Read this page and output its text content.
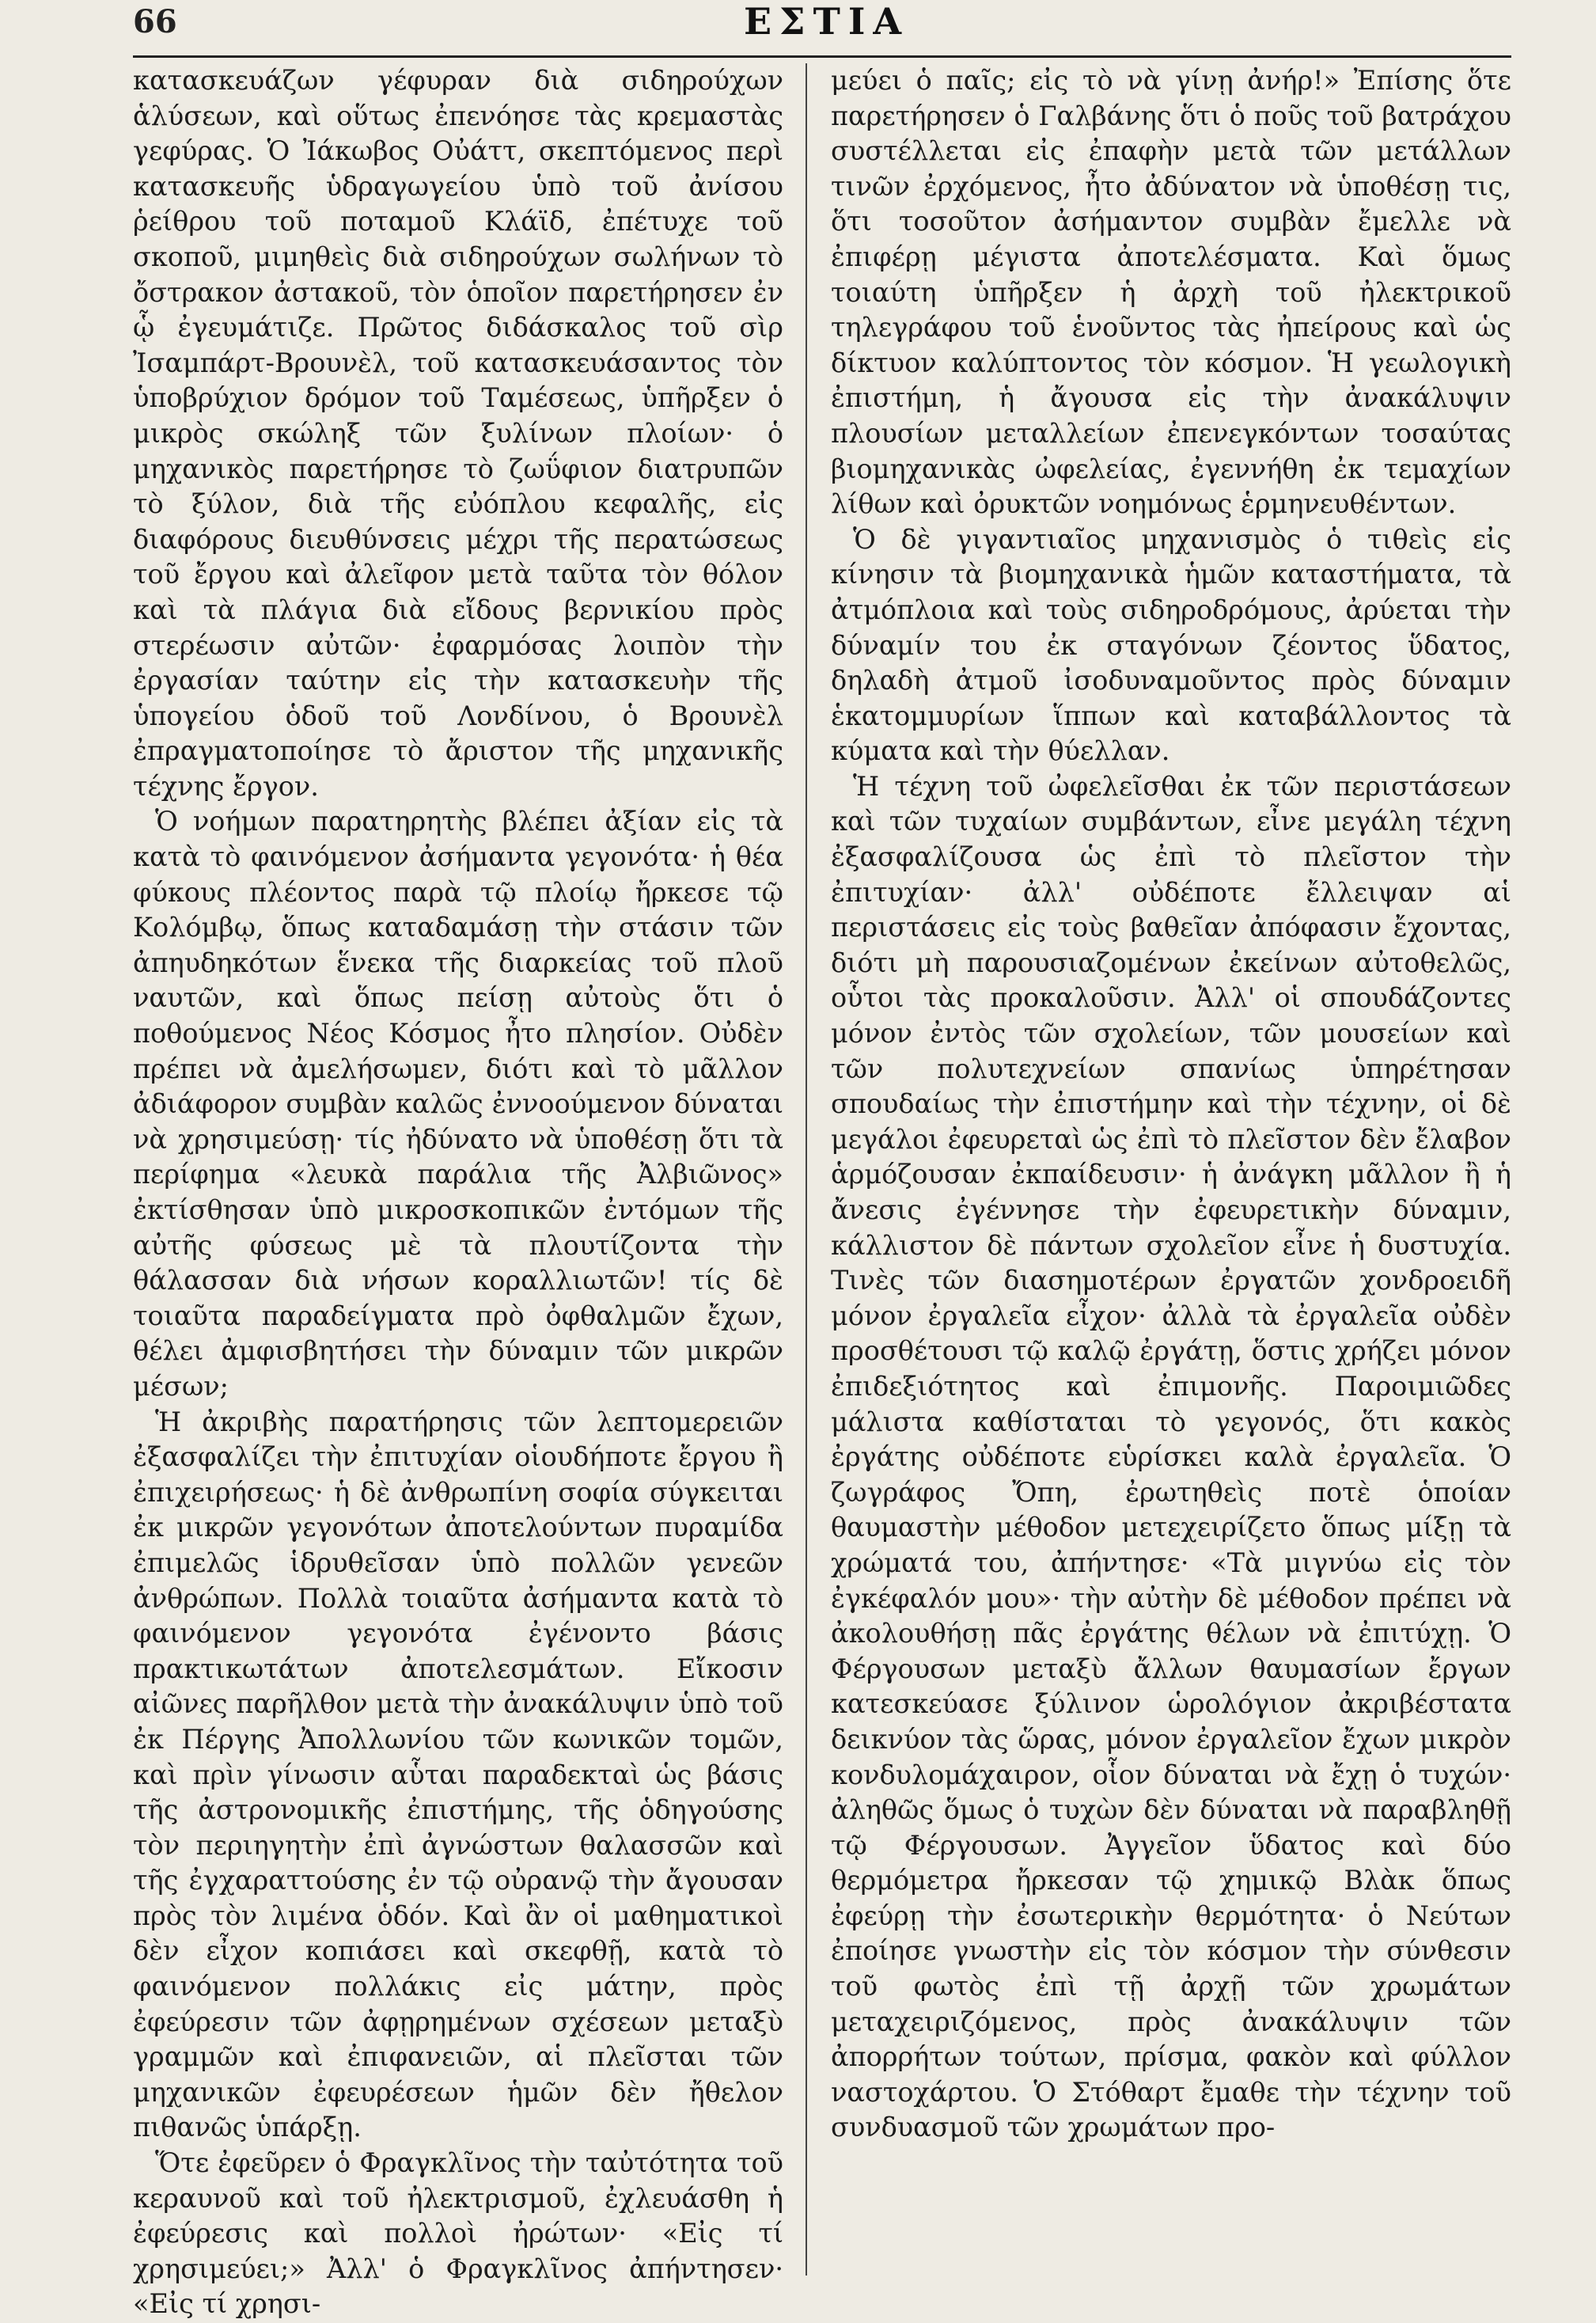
66	ΕΣΤΙΑ

κατασκευάζων γέφυραν διὰ σιδηρούχων ἁλύσεων, καὶ οὕτως ἐπενόησε τὰς κρεμαστὰς γεφύρας. Ὁ Ἰάκωβος Οὐάττ, σκεπτόμενος περὶ κατασκευῆς ὑδραγωγείου ὑπὸ τοῦ ἀνίσου ῥείθρου τοῦ ποταμοῦ Κλάϊδ, ἐπέτυχε τοῦ σκοποῦ, μιμηθεὶς διὰ σιδηρούχων σωλήνων τὸ ὄστρακον ἀστακοῦ, τὸν ὁποῖον παρετήρησεν ἐν ᾧ ἐγευμάτιζε. Πρῶτος διδάσκαλος τοῦ σὶρ Ἰσαμπάρτ-Βρουνὲλ, τοῦ κατασκευάσαντος τὸν ὑποβρύχιον δρόμον τοῦ Ταμέσεως, ὑπῆρξεν ὁ μικρὸς σκώληξ τῶν ξυλίνων πλοίων· ὁ μηχανικὸς παρετήρησε τὸ ζωΰφιον διατρυπῶν τὸ ξύλον, διὰ τῆς εὐόπλου κεφαλῆς, εἰς διαφόρους διευθύνσεις μέχρι τῆς περατώσεως τοῦ ἔργου καὶ ἀλεῖφον μετὰ ταῦτα τὸν θόλον καὶ τὰ πλάγια διὰ εἴδους βερνικίου πρὸς στερέωσιν αὐτῶν· ἐφαρμόσας λοιπὸν τὴν ἐργασίαν ταύτην εἰς τὴν κατασκευὴν τῆς ὑπογείου ὁδοῦ τοῦ Λονδίνου, ὁ Βρουνὲλ ἐπραγματοποίησε τὸ ἄριστον τῆς μηχανικῆς τέχνης ἔργον.

Ὁ νοήμων παρατηρητὴς βλέπει ἀξίαν εἰς τὰ κατὰ τὸ φαινόμενον ἀσήμαντα γεγονότα· ἡ θέα φύκους πλέοντος παρὰ τῷ πλοίῳ ἤρκεσε τῷ Κολόμβῳ, ὅπως καταδαμάσῃ τὴν στάσιν τῶν ἀπηυδηκότων ἕνεκα τῆς διαρκείας τοῦ πλοῦ ναυτῶν, καὶ ὅπως πείσῃ αὐτοὺς ὅτι ὁ ποθούμενος Νέος Κόσμος ἦτο πλησίον. Οὐδὲν πρέπει νὰ ἀμελήσωμεν, διότι καὶ τὸ μᾶλλον ἀδιάφορον συμβὰν καλῶς ἐννοούμενον δύναται νὰ χρησιμεύσῃ· τίς ἠδύνατο νὰ ὑποθέσῃ ὅτι τὰ περίφημα «λευκὰ παράλια τῆς Ἀλβιῶνος» ἐκτίσθησαν ὑπὸ μικροσκοπικῶν ἐντόμων τῆς αὐτῆς φύσεως μὲ τὰ πλουτίζοντα τὴν θάλασσαν διὰ νήσων κοραλλιωτῶν! τίς δὲ τοιαῦτα παραδείγματα πρὸ ὀφθαλμῶν ἔχων, θέλει ἀμφισβητήσει τὴν δύναμιν τῶν μικρῶν μέσων;

Ἡ ἀκριβὴς παρατήρησις τῶν λεπτομερειῶν ἐξασφαλίζει τὴν ἐπιτυχίαν οἱουδήποτε ἔργου ἢ ἐπιχειρήσεως· ἡ δὲ ἀνθρωπίνη σοφία σύγκειται ἐκ μικρῶν γεγονότων ἀποτελούντων πυραμίδα ἐπιμελῶς ἱδρυθεῖσαν ὑπὸ πολλῶν γενεῶν ἀνθρώπων. Πολλὰ τοιαῦτα ἀσήμαντα κατὰ τὸ φαινόμενον γεγονότα ἐγένοντο βάσις πρακτικωτάτων ἀποτελεσμάτων. Εἴκοσιν αἰῶνες παρῆλθον μετὰ τὴν ἀνακάλυψιν ὑπὸ τοῦ ἐκ Πέργης Ἀπολλωνίου τῶν κωνικῶν τομῶν, καὶ πρὶν γίνωσιν αὗται παραδεκταὶ ὡς βάσις τῆς ἀστρονομικῆς ἐπιστήμης, τῆς ὁδηγούσης τὸν περιηγητὴν ἐπὶ ἀγνώστων θαλασσῶν καὶ τῆς ἐγχαραττούσης ἐν τῷ οὐρανῷ τὴν ἄγουσαν πρὸς τὸν λιμένα ὁδόν. Καὶ ἂν οἱ μαθηματικοὶ δὲν εἶχον κοπιάσει καὶ σκεφθῇ, κατὰ τὸ φαινόμενον πολλάκις εἰς μάτην, πρὸς ἐφεύρεσιν τῶν ἀφῃρημένων σχέσεων μεταξὺ γραμμῶν καὶ ἐπιφανειῶν, αἱ πλεῖσται τῶν μηχανικῶν ἐφευρέσεων ἡμῶν δὲν ἤθελον πιθανῶς ὑπάρξῃ.

Ὅτε ἐφεῦρεν ὁ Φραγκλῖνος τὴν ταὐτότητα τοῦ κεραυνοῦ καὶ τοῦ ἠλεκτρισμοῦ, ἐχλευάσθη ἡ ἐφεύρεσις καὶ πολλοὶ ἠρώτων· «Εἰς τί χρησιμεύει;» Ἀλλ' ὁ Φραγκλῖνος ἀπήντησεν· «Εἰς τί χρησι-

μεύει ὁ παῖς; εἰς τὸ νὰ γίνῃ ἀνήρ!» Ἐπίσης ὅτε παρετήρησεν ὁ Γαλβάνης ὅτι ὁ ποῦς τοῦ βατράχου συστέλλεται εἰς ἐπαφὴν μετὰ τῶν μετάλλων τινῶν ἐρχόμενος, ἦτο ἀδύνατον νὰ ὑποθέσῃ τις, ὅτι τοσοῦτον ἀσήμαντον συμβὰν ἔμελλε νὰ ἐπιφέρῃ μέγιστα ἀποτελέσματα. Καὶ ὅμως τοιαύτη ὑπῆρξεν ἡ ἀρχὴ τοῦ ἠλεκτρικοῦ τηλεγράφου τοῦ ἑνοῦντος τὰς ἠπείρους καὶ ὡς δίκτυον καλύπτοντος τὸν κόσμον. Ἡ γεωλογικὴ ἐπιστήμη, ἡ ἄγουσα εἰς τὴν ἀνακάλυψιν πλουσίων μεταλλείων ἐπενεγκόντων τοσαύτας βιομηχανικὰς ὠφελείας, ἐγεννήθη ἐκ τεμαχίων λίθων καὶ ὀρυκτῶν νοημόνως ἑρμηνευθέντων.

Ὁ δὲ γιγαντιαῖος μηχανισμὸς ὁ τιθεὶς εἰς κίνησιν τὰ βιομηχανικὰ ἡμῶν καταστήματα, τὰ ἀτμόπλοια καὶ τοὺς σιδηροδρόμους, ἀρύεται τὴν δύναμίν του ἐκ σταγόνων ζέοντος ὕδατος, δηλαδὴ ἀτμοῦ ἰσοδυναμοῦντος πρὸς δύναμιν ἑκατομμυρίων ἵππων καὶ καταβάλλοντος τὰ κύματα καὶ τὴν θύελλαν.

Ἡ τέχνη τοῦ ὠφελεῖσθαι ἐκ τῶν περιστάσεων καὶ τῶν τυχαίων συμβάντων, εἶνε μεγάλη τέχνη ἐξασφαλίζουσα ὡς ἐπὶ τὸ πλεῖστον τὴν ἐπιτυχίαν· ἀλλ' οὐδέποτε ἔλλειψαν αἱ περιστάσεις εἰς τοὺς βαθεῖαν ἀπόφασιν ἔχοντας, διότι μὴ παρουσιαζομένων ἐκείνων αὐτοθελῶς, οὗτοι τὰς προκαλοῦσιν. Ἀλλ' οἱ σπουδάζοντες μόνον ἐντὸς τῶν σχολείων, τῶν μουσείων καὶ τῶν πολυτεχνείων σπανίως ὑπηρέτησαν σπουδαίως τὴν ἐπιστήμην καὶ τὴν τέχνην, οἱ δὲ μεγάλοι ἐφευρεταὶ ὡς ἐπὶ τὸ πλεῖστον δὲν ἔλαβον ἁρμόζουσαν ἐκπαίδευσιν· ἡ ἀνάγκη μᾶλλον ἢ ἡ ἄνεσις ἐγέννησε τὴν ἐφευρετικὴν δύναμιν, κάλλιστον δὲ πάντων σχολεῖον εἶνε ἡ δυστυχία. Τινὲς τῶν διασημοτέρων ἐργατῶν χονδροειδῆ μόνον ἐργαλεῖα εἶχον· ἀλλὰ τὰ ἐργαλεῖα οὐδὲν προσθέτουσι τῷ καλῷ ἐργάτῃ, ὅστις χρήζει μόνον ἐπιδεξιότητος καὶ ἐπιμονῆς. Παροιμιῶδες μάλιστα καθίσταται τὸ γεγονός, ὅτι κακὸς ἐργάτης οὐδέποτε εὑρίσκει καλὰ ἐργαλεῖα. Ὁ ζωγράφος Ὄπη, ἐρωτηθεὶς ποτὲ ὁποίαν θαυμαστὴν μέθοδον μετεχειρίζετο ὅπως μίξῃ τὰ χρώματά του, ἀπήντησε· «Τὰ μιγνύω εἰς τὸν ἐγκέφαλόν μου»· τὴν αὐτὴν δὲ μέθοδον πρέπει νὰ ἀκολουθήσῃ πᾶς ἐργάτης θέλων νὰ ἐπιτύχῃ. Ὁ Φέργουσων μεταξὺ ἄλλων θαυμασίων ἔργων κατεσκεύασε ξύλινον ὡρολόγιον ἀκριβέστατα δεικνύον τὰς ὥρας, μόνον ἐργαλεῖον ἔχων μικρὸν κονδυλομάχαιρον, οἷον δύναται νὰ ἔχῃ ὁ τυχών· ἀληθῶς ὅμως ὁ τυχὼν δὲν δύναται νὰ παραβληθῇ τῷ Φέργουσων. Ἀγγεῖον ὕδατος καὶ δύο θερμόμετρα ἤρκεσαν τῷ χημικῷ Βλὰκ ὅπως ἐφεύρῃ τὴν ἐσωτερικὴν θερμότητα· ὁ Νεύτων ἐποίησε γνωστὴν εἰς τὸν κόσμον τὴν σύνθεσιν τοῦ φωτὸς ἐπὶ τῇ ἀρχῇ τῶν χρωμάτων μεταχειριζόμενος, πρὸς ἀνακάλυψιν τῶν ἀπορρήτων τούτων, πρίσμα, φακὸν καὶ φύλλον ναστοχάρτου. Ὁ Στόθαρτ ἔμαθε τὴν τέχνην τοῦ συνδυασμοῦ τῶν χρωμάτων προ-
